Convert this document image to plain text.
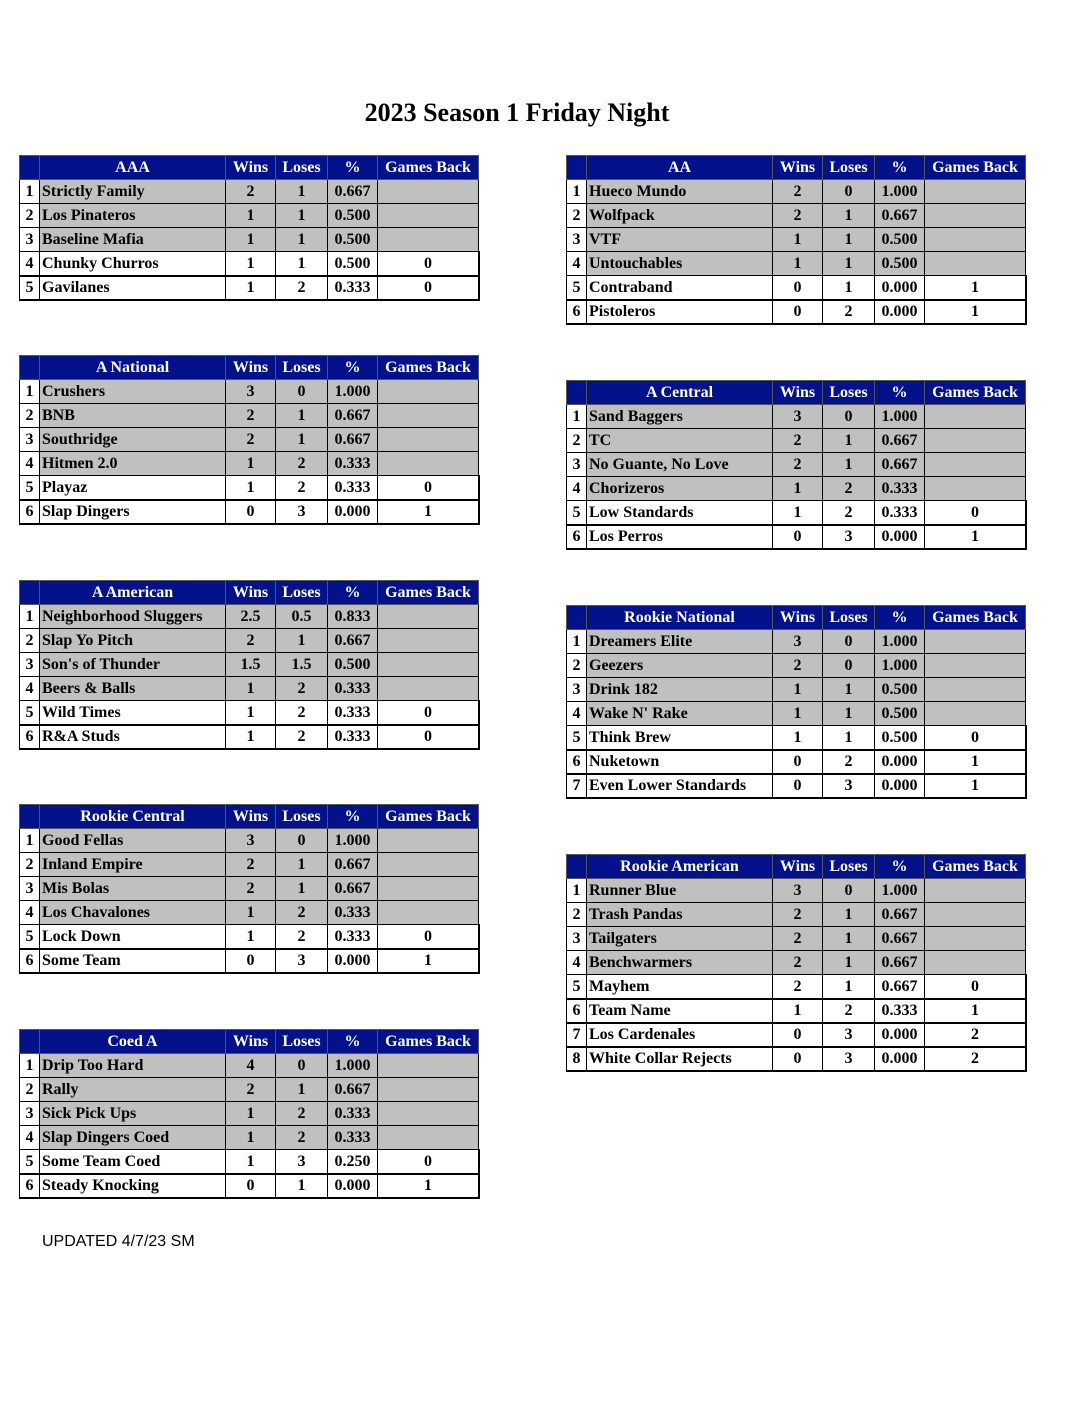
2023 Season 1 Friday Night
UPDATED 4/7/23 SM
	AAA	Wins	Loses	%	Games Back
1	Strictly Family	2	1	0.667	
2	Los Pinateros	1	1	0.500	
3	Baseline Mafia	1	1	0.500	
4	Chunky Churros	1	1	0.500	0
5	Gavilanes	1	2	0.333	0
	A National	Wins	Loses	%	Games Back
1	Crushers	3	0	1.000	
2	BNB	2	1	0.667	
3	Southridge	2	1	0.667	
4	Hitmen 2.0	1	2	0.333	
5	Playaz	1	2	0.333	0
6	Slap Dingers	0	3	0.000	1
	A American	Wins	Loses	%	Games Back
1	Neighborhood Sluggers	2.5	0.5	0.833	
2	Slap Yo Pitch	2	1	0.667	
3	Son's of Thunder	1.5	1.5	0.500	
4	Beers & Balls	1	2	0.333	
5	Wild Times	1	2	0.333	0
6	R&A Studs	1	2	0.333	0
	Rookie Central	Wins	Loses	%	Games Back
1	Good Fellas	3	0	1.000	
2	Inland Empire	2	1	0.667	
3	Mis Bolas	2	1	0.667	
4	Los Chavalones	1	2	0.333	
5	Lock Down	1	2	0.333	0
6	Some Team	0	3	0.000	1
	Coed A	Wins	Loses	%	Games Back
1	Drip Too Hard	4	0	1.000	
2	Rally	2	1	0.667	
3	Sick Pick Ups	1	2	0.333	
4	Slap Dingers Coed	1	2	0.333	
5	Some Team Coed	1	3	0.250	0
6	Steady Knocking	0	1	0.000	1
	AA	Wins	Loses	%	Games Back
1	Hueco Mundo	2	0	1.000	
2	Wolfpack	2	1	0.667	
3	VTF	1	1	0.500	
4	Untouchables	1	1	0.500	
5	Contraband	0	1	0.000	1
6	Pistoleros	0	2	0.000	1
	A Central	Wins	Loses	%	Games Back
1	Sand Baggers	3	0	1.000	
2	TC	2	1	0.667	
3	No Guante, No Love	2	1	0.667	
4	Chorizeros	1	2	0.333	
5	Low Standards	1	2	0.333	0
6	Los Perros	0	3	0.000	1
	Rookie National	Wins	Loses	%	Games Back
1	Dreamers Elite	3	0	1.000	
2	Geezers	2	0	1.000	
3	Drink 182	1	1	0.500	
4	Wake N' Rake	1	1	0.500	
5	Think Brew	1	1	0.500	0
6	Nuketown	0	2	0.000	1
7	Even Lower Standards	0	3	0.000	1
	Rookie American	Wins	Loses	%	Games Back
1	Runner Blue	3	0	1.000	
2	Trash Pandas	2	1	0.667	
3	Tailgaters	2	1	0.667	
4	Benchwarmers	2	1	0.667	
5	Mayhem	2	1	0.667	0
6	Team Name	1	2	0.333	1
7	Los Cardenales	0	3	0.000	2
8	White Collar Rejects	0	3	0.000	2
